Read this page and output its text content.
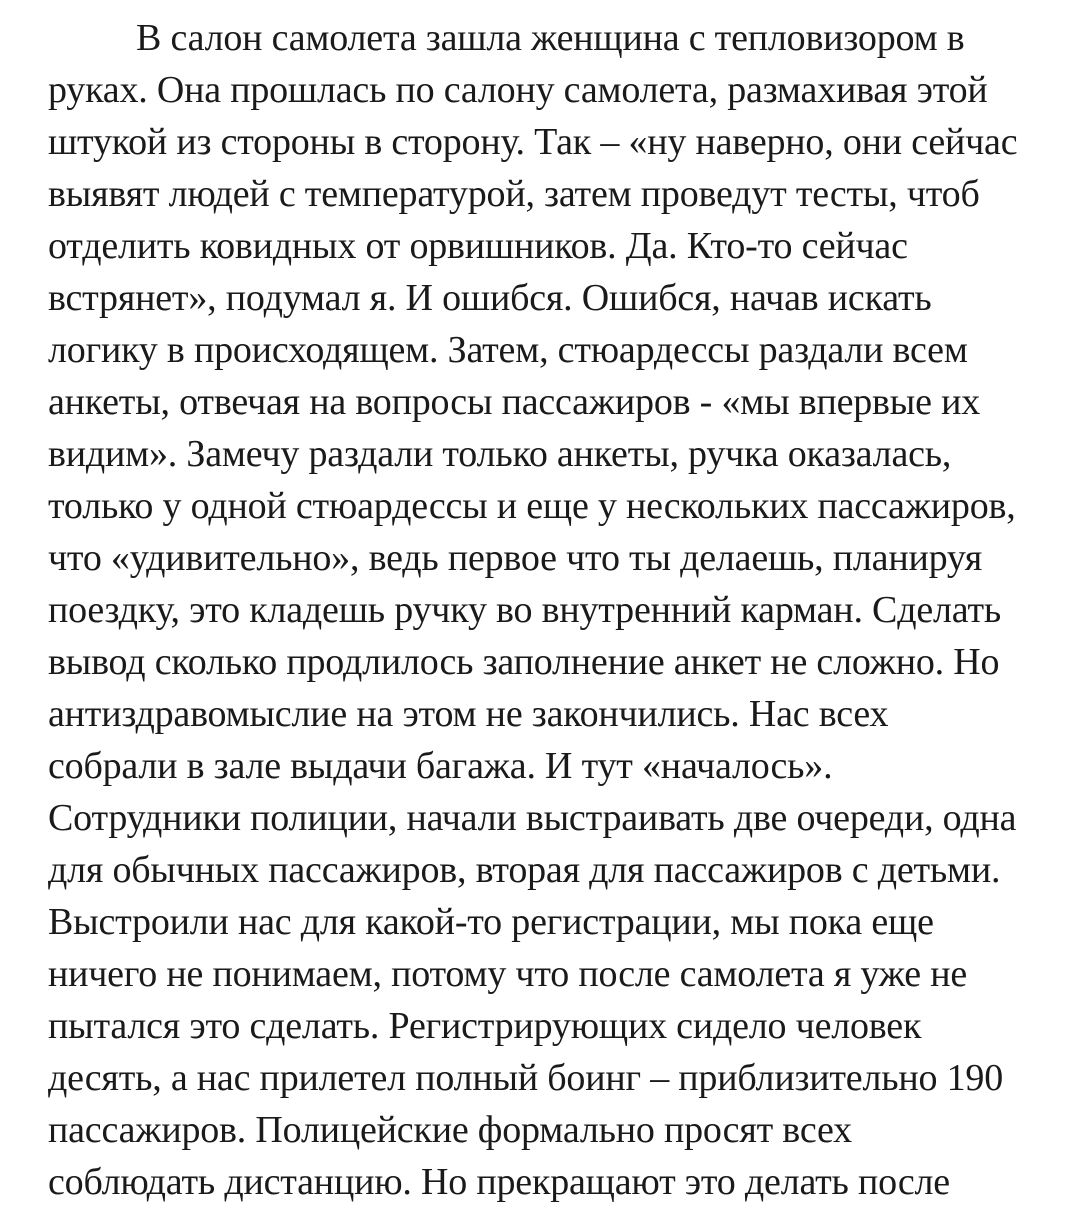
В салон самолета зашла женщина с тепловизором в
руках. Она прошлась по салону самолета, размахивая этой
штукой из стороны в сторону. Так – «ну наверно, они сейчас
выявят людей с температурой, затем проведут тесты, чтоб
отделить ковидных от орвишников. Да. Кто-то сейчас
встрянет», подумал я. И ошибся. Ошибся, начав искать
логику в происходящем. Затем, стюардессы раздали всем
анкеты, отвечая на вопросы пассажиров - «мы впервые их
видим». Замечу раздали только анкеты, ручка оказалась,
только у одной стюардессы и еще у нескольких пассажиров,
что «удивительно», ведь первое что ты делаешь, планируя
поездку, это кладешь ручку во внутренний карман. Сделать
вывод сколько продлилось заполнение анкет не сложно. Но
антиздравомыслие на этом не закончились. Нас всех
собрали в зале выдачи багажа. И тут «началось».
Сотрудники полиции, начали выстраивать две очереди, одна
для обычных пассажиров, вторая для пассажиров с детьми.
Выстроили нас для какой-то регистрации, мы пока еще
ничего не понимаем, потому что после самолета я уже не
пытался это сделать. Регистрирующих сидело человек
десять, а нас прилетел полный боинг – приблизительно 190
пассажиров. Полицейские формально просят всех
соблюдать дистанцию. Но прекращают это делать после
